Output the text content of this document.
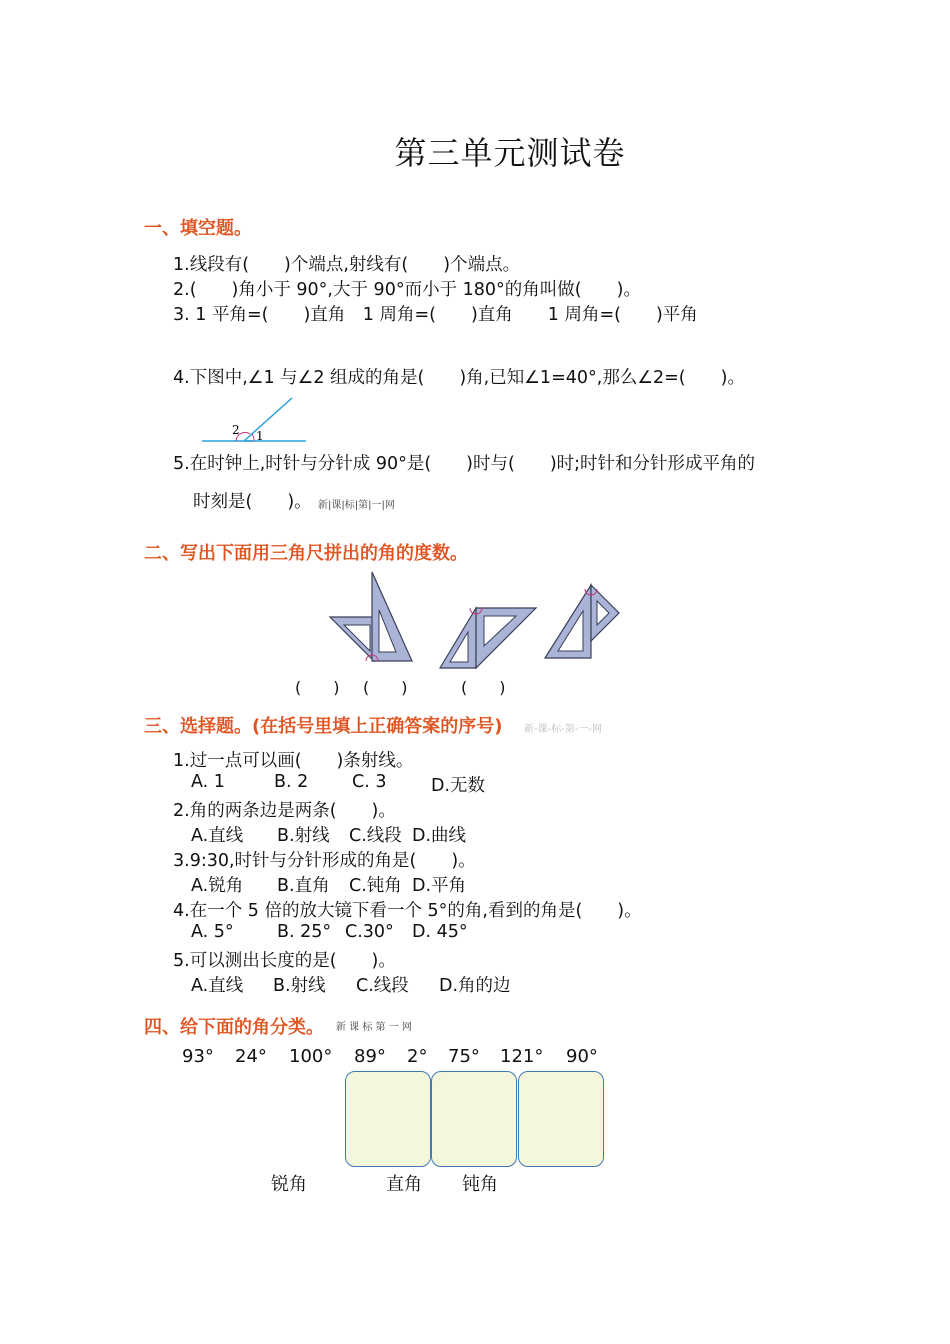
第三单元测试卷
一、填空题。
1.线段有(　　)个端点,射线有(　　)个端点。
2.(　　)角小于 90°,大于 90°而小于 180°的角叫做(　　)。
3. 1 平角=(　　)直角　1 周角=(　　)直角　　1 周角=(　　)平角
4.下图中,∠1 与∠2 组成的角是(　　)角,已知∠1=40°,那么∠2=(　　)。
2 1
5.在时钟上,时针与分针成 90°是(　　)时与(　　)时;时针和分针形成平角的
时刻是(　　)。 新|课|标|第|一|网
二、写出下面用三角尺拼出的角的度数。
(　　) (　　)	(　　)
三、选择题。(在括号里填上正确答案的序号) 新-课-标-第-一-网
1.过一点可以画(　　)条射线。
A. 1	B. 2 C. 3	D.无数
2.角的两条边是两条(　　)。
A.直线 B.射线 C.线段 D.曲线
3.9:30,时针与分针形成的角是(　　)。
A.锐角 B.直角 C.钝角 D.平角
4.在一个 5 倍的放大镜下看一个 5°的角,看到的角是(　　)。
A. 5° B. 25° C.30° D. 45°
5.可以测出长度的是(　　)。
A.直线 B.射线 C.线段 D.角的边
四、给下面的角分类。 新 课 标 第 一 网
93° 24° 100° 89° 2° 75° 121° 90°
锐角	直角 钝角
